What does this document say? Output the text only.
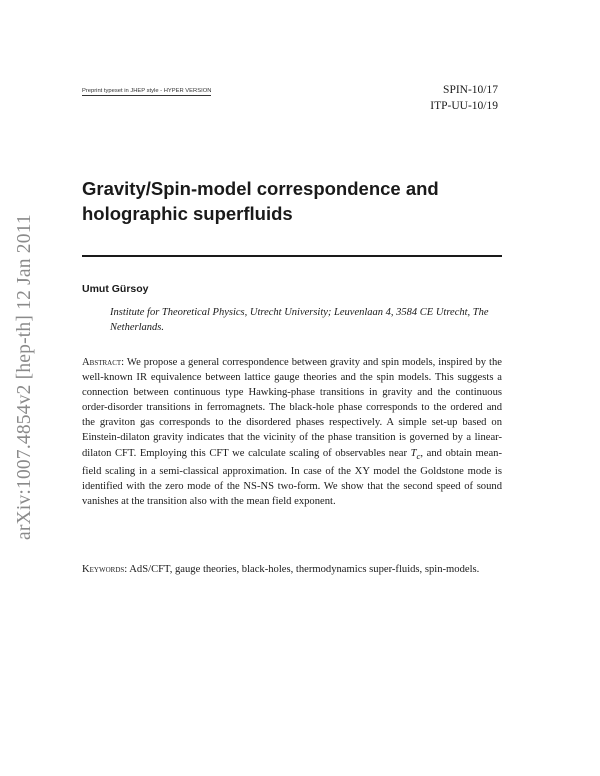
arXiv:1007.4854v2 [hep-th] 12 Jan 2011
Preprint typeset in JHEP style - HYPER VERSION	SPIN-10/17
ITP-UU-10/19
Gravity/Spin-model correspondence and holographic superfluids
Umut Gürsoy
Institute for Theoretical Physics, Utrecht University; Leuvenlaan 4, 3584 CE Utrecht, The Netherlands.

Abstract: We propose a general correspondence between gravity and spin models, inspired by the well-known IR equivalence between lattice gauge theories and the spin models. This suggests a connection between continuous type Hawking-phase transitions in gravity and the continuous order-disorder transitions in ferromagnets. The black-hole phase corresponds to the ordered and the graviton gas corresponds to the disordered phases respectively. A simple set-up based on Einstein-dilaton gravity indicates that the vicinity of the phase transition is governed by a linear-dilaton CFT. Employing this CFT we calculate scaling of observables near $T_c$, and obtain mean-field scaling in a semi-classical approximation. In case of the XY model the Goldstone mode is identified with the zero mode of the NS-NS two-form. We show that the second speed of sound vanishes at the transition also with the mean field exponent.

Keywords: AdS/CFT, gauge theories, black-holes, thermodynamics super-fluids, spin-models.
